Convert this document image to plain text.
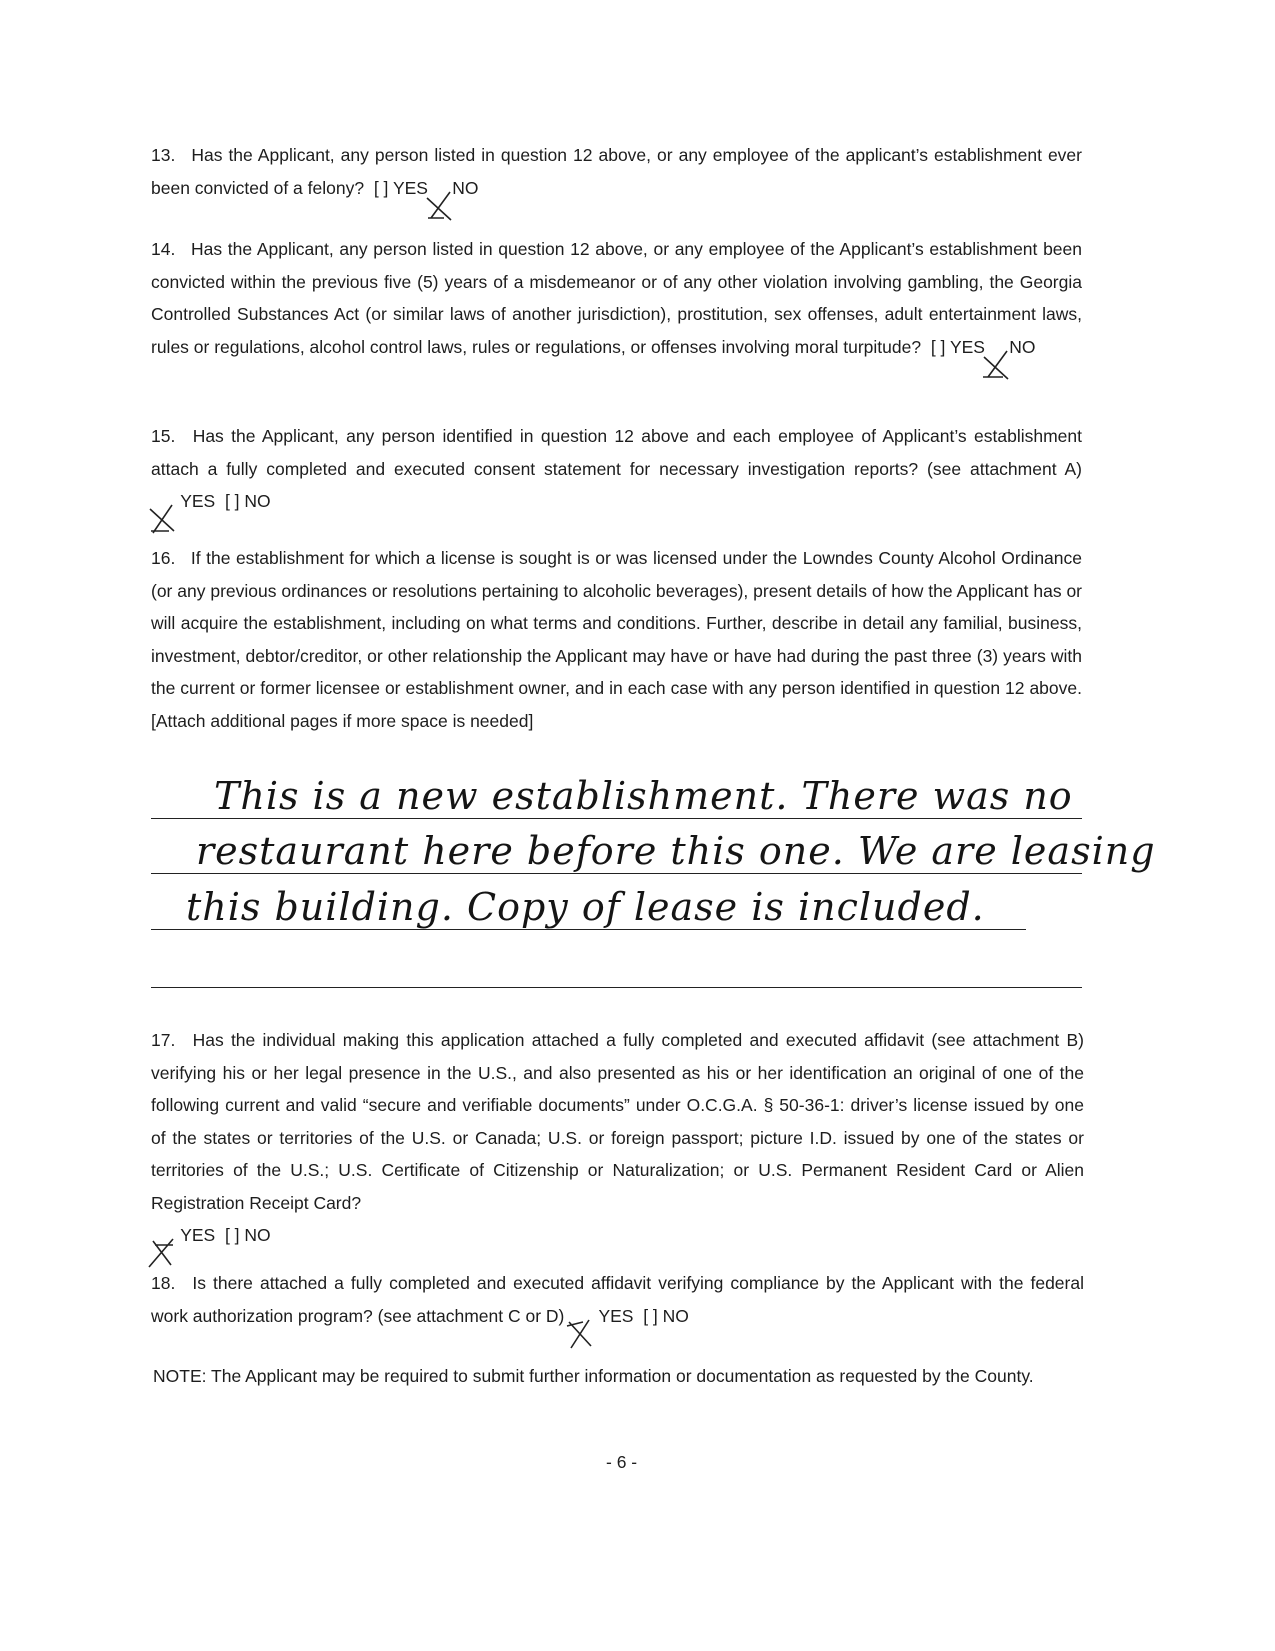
13. Has the Applicant, any person listed in question 12 above, or any employee of the applicant’s establishment ever been convicted of a felony? [ ] YES NO

14. Has the Applicant, any person listed in question 12 above, or any employee of the Applicant’s establishment been convicted within the previous five (5) years of a misdemeanor or of any other violation involving gambling, the Georgia Controlled Substances Act (or similar laws of another jurisdiction), prostitution, sex offenses, adult entertainment laws, rules or regulations, alcohol control laws, rules or regulations, or offenses involving moral turpitude? [ ] YES NO

15. Has the Applicant, any person identified in question 12 above and each employee of Applicant’s establishment attach a fully completed and executed consent statement for necessary investigation reports? (see attachment A)
YES [ ] NO

16. If the establishment for which a license is sought is or was licensed under the Lowndes County Alcohol Ordinance (or any previous ordinances or resolutions pertaining to alcoholic beverages), present details of how the Applicant has or will acquire the establishment, including on what terms and conditions. Further, describe in detail any familial, business, investment, debtor/creditor, or other relationship the Applicant may have or have had during the past three (3) years with the current or former licensee or establishment owner, and in each case with any person identified in question 12 above. [Attach additional pages if more space is needed]

This is a new establishment. There was no
restaurant here before this one. We are leasing
this building. Copy of lease is included.

17. Has the individual making this application attached a fully completed and executed affidavit (see attachment B) verifying his or her legal presence in the U.S., and also presented as his or her identification an original of one of the following current and valid “secure and verifiable documents” under O.C.G.A. § 50-36-1: driver’s license issued by one of the states or territories of the U.S. or Canada; U.S. or foreign passport; picture I.D. issued by one of the states or territories of the U.S.; U.S. Certificate of Citizenship or Naturalization; or U.S. Permanent Resident Card or Alien Registration Receipt Card?

YES [ ] NO

18. Is there attached a fully completed and executed affidavit verifying compliance by the Applicant with the federal work authorization program? (see attachment C or D) YES [ ] NO

NOTE: The Applicant may be required to submit further information or documentation as requested by the County.

- 6 -
